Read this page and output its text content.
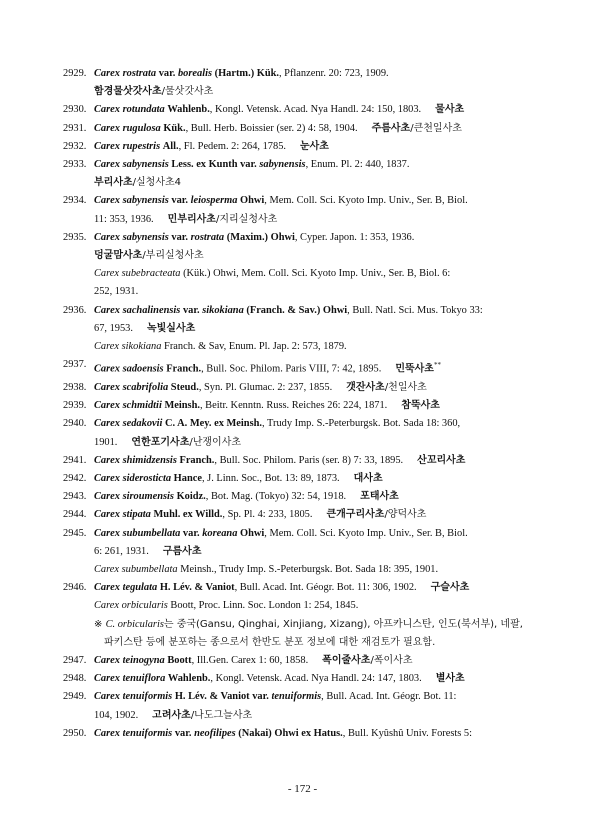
2929. Carex rostrata var. borealis (Hartm.) Kük., Pflanzenr. 20: 723, 1909.
함경물삿갓사초/물삿갓사초
2930. Carex rotundata Wahlenb., Kongl. Vetensk. Acad. Nya Handl. 24: 150, 1803. 물사초
2931. Carex rugulosa Kük., Bull. Herb. Boissier (ser. 2) 4: 58, 1904. 주름사초/큰천일사초
2932. Carex rupestris All., Fl. Pedem. 2: 264, 1785. 눈사초
2933. Carex sabynensis Less. ex Kunth var. sabynensis, Enum. Pl. 2: 440, 1837.
부리사초/실청사초4
2934. Carex sabynensis var. leiosperma Ohwi, Mem. Coll. Sci. Kyoto Imp. Univ., Ser. B, Biol.
11: 353, 1936. 민부리사초/지리실청사초
2935. Carex sabynensis var. rostrata (Maxim.) Ohwi, Cyper. Japon. 1: 353, 1936.
덩굴맘사초/부리실청사초
Carex subebracteata (Kük.) Ohwi, Mem. Coll. Sci. Kyoto Imp. Univ., Ser. B, Biol. 6:
252, 1931.
2936. Carex sachalinensis var. sikokiana (Franch. & Sav.) Ohwi, Bull. Natl. Sci. Mus. Tokyo 33:
67, 1953. 녹빛실사초
Carex sikokiana Franch. & Sav, Enum. Pl. Jap. 2: 573, 1879.
2937. Carex sadoensis Franch., Bull. Soc. Philom. Paris VIII, 7: 42, 1895. 민뚝사초**
2938. Carex scabrifolia Steud., Syn. Pl. Glumac. 2: 237, 1855. 갯잔사초/천일사초
2939. Carex schmidtii Meinsh., Beitr. Kenntn. Russ. Reiches 26: 224, 1871. 참뚝사초
2940. Carex sedakovii C. A. Mey. ex Meinsh., Trudy Imp. S.-Peterburgsk. Bot. Sada 18: 360,
1901. 연한포기사초/난쟁이사초
2941. Carex shimidzensis Franch., Bull. Soc. Philom. Paris (ser. 8) 7: 33, 1895. 산꼬리사초
2942. Carex siderosticta Hance, J. Linn. Soc., Bot. 13: 89, 1873. 대사초
2943. Carex siroumensis Koidz., Bot. Mag. (Tokyo) 32: 54, 1918. 포태사초
2944. Carex stipata Muhl. ex Willd., Sp. Pl. 4: 233, 1805. 큰개구리사초/양덕사초
2945. Carex subumbellata var. koreana Ohwi, Mem. Coll. Sci. Kyoto Imp. Univ., Ser. B, Biol.
6: 261, 1931. 구름사초
Carex subumbellata Meinsh., Trudy Imp. S.-Peterburgsk. Bot. Sada 18: 395, 1901.
2946. Carex tegulata H. Lév. & Vaniot, Bull. Acad. Int. Géogr. Bot. 11: 306, 1902. 구슬사초
Carex orbicularis Boott, Proc. Linn. Soc. London 1: 254, 1845.
※ C. orbicularis는 중국(Gansu, Qinghai, Xinjiang, Xizang), 아프카니스탄, 인도(북서부), 네팔,
파키스탄 등에 분포하는 종으로서 한반도 분포 정보에 대한 재검토가 필요함.
2947. Carex teinogyna Boott, Ill.Gen. Carex 1: 60, 1858. 폭이줄사초/폭이사초
2948. Carex tenuiflora Wahlenb., Kongl. Vetensk. Acad. Nya Handl. 24: 147, 1803. 별사초
2949. Carex tenuiformis H. Lév. & Vaniot var. tenuiformis, Bull. Acad. Int. Géogr. Bot. 11:
104, 1902. 고려사초/나도그늘사초
2950. Carex tenuiformis var. neofilipes (Nakai) Ohwi ex Hatus., Bull. Kyûshû Univ. Forests 5:
- 172 -
